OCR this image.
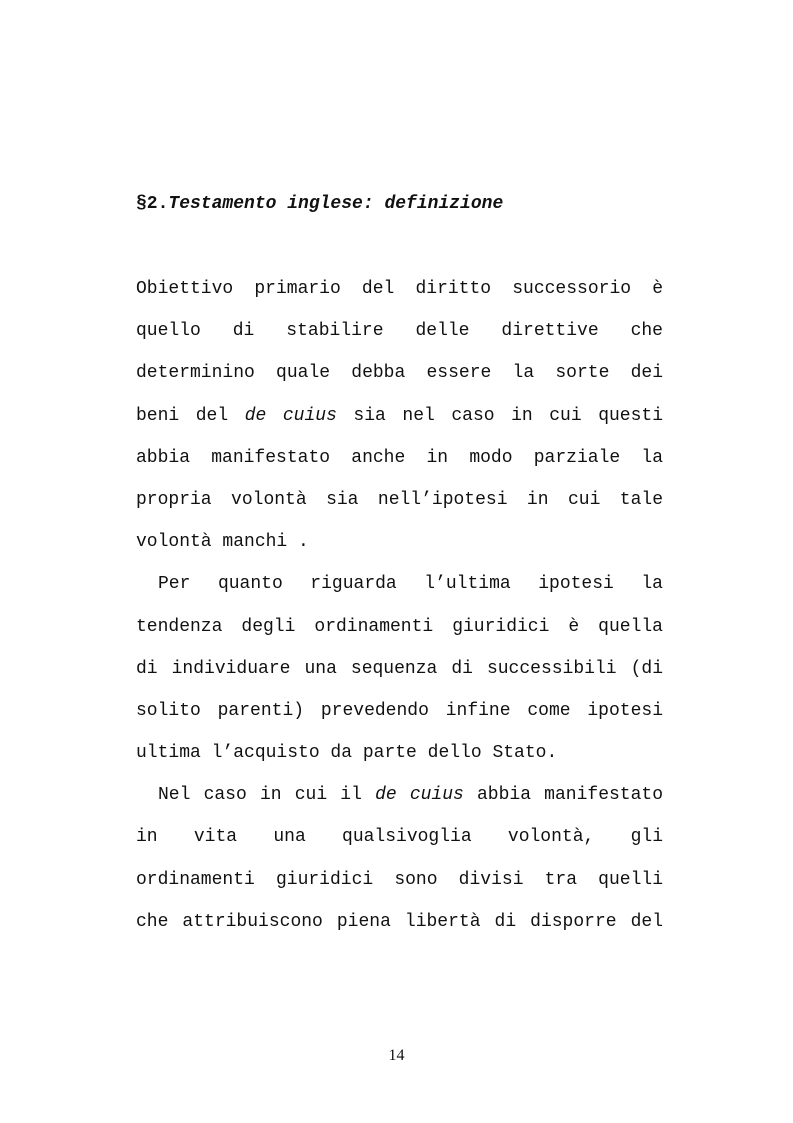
§2.Testamento inglese: definizione
Obiettivo primario del diritto successorio è
quello di stabilire delle direttive che
determinino quale debba essere la sorte dei
beni del de cuius sia nel caso in cui questi
abbia manifestato anche in modo parziale la
propria volontà sia nell’ipotesi in cui tale
volontà manchi .
Per quanto riguarda l’ultima ipotesi la
tendenza degli ordinamenti giuridici è quella
di individuare una sequenza di successibili (di
solito parenti) prevedendo infine come ipotesi
ultima l’acquisto da parte dello Stato.
Nel caso in cui il de cuius abbia manifestato
in vita una qualsivoglia volontà, gli
ordinamenti giuridici sono divisi tra quelli
che attribuiscono piena libertà di disporre del
14
